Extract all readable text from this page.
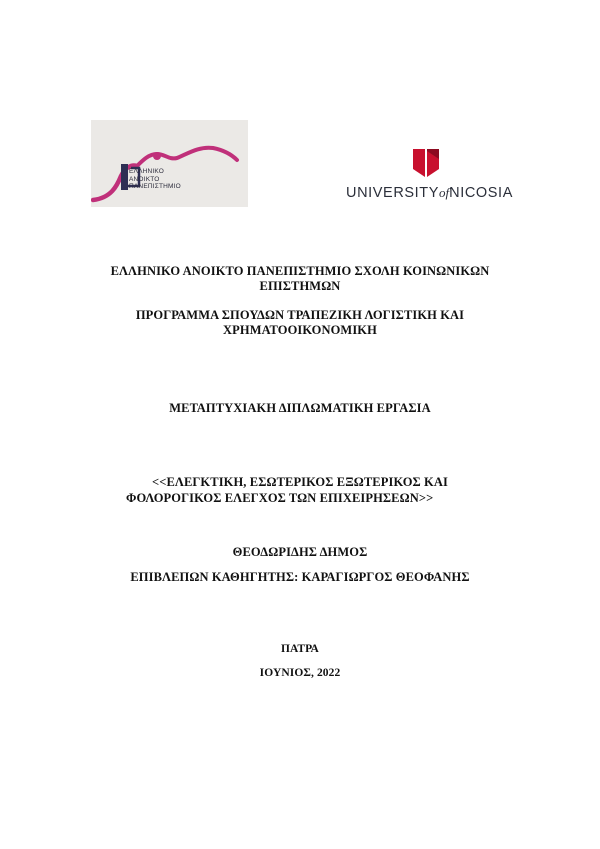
ΕΛΛΗΝΙΚΟ
ΑΝΟΙΚΤΟ
ΠΑΝΕΠΙΣΤΗΜΙΟ	UNIVERSITYofNICOSIA
ΕΛΛΗΝΙΚΟ ΑΝΟΙΚΤΟ ΠΑΝΕΠΙΣΤΗΜΙΟ ΣΧΟΛΗ ΚΟΙΝΩΝΙΚΩΝ
ΕΠΙΣΤΗΜΩΝ
ΠΡΟΓΡΑΜΜΑ ΣΠΟΥΔΩΝ ΤΡΑΠΕΖΙΚΗ ΛΟΓΙΣΤΙΚΗ ΚΑΙ
ΧΡΗΜΑΤΟΟΙΚΟΝΟΜΙΚΗ
ΜΕΤΑΠΤΥΧΙΑΚΗ ΔΙΠΛΩΜΑΤΙΚΗ ΕΡΓΑΣΙΑ
<<ΕΛΕΓΚΤΙΚΗ, ΕΣΩΤΕΡΙΚΟΣ ΕΞΩΤΕΡΙΚΟΣ ΚΑΙ
ΦΟΛΟΡΟΓΙΚΟΣ ΕΛΕΓΧΟΣ ΤΩΝ ΕΠΙΧΕΙΡΗΣΕΩΝ>>
ΘΕΟΔΩΡΙΔΗΣ ΔΗΜΟΣ
ΕΠΙΒΛΕΠΩΝ ΚΑΘΗΓΗΤΗΣ: ΚΑΡΑΓΙΩΡΓΟΣ ΘΕΟΦΑΝΗΣ
ΠΑΤΡΑ
ΙΟΥΝΙΟΣ, 2022
